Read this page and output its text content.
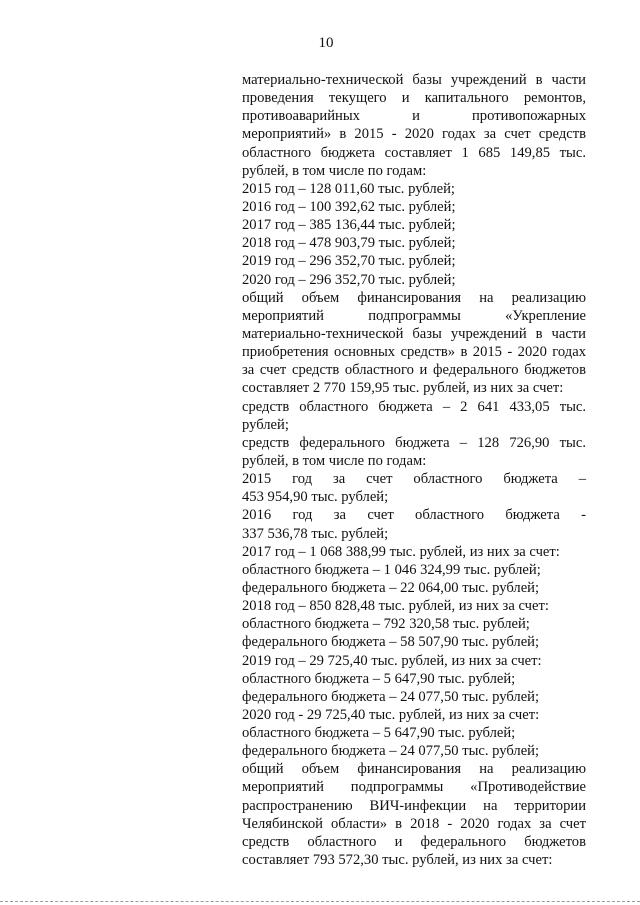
10
материально-технической базы учреждений в части
проведения текущего и капитального ремонтов,
противоаварийных и противопожарных
мероприятий» в 2015 - 2020 годах за счет средств
областного бюджета составляет 1 685 149,85 тыс.
рублей, в том числе по годам:
2015 год – 128 011,60 тыс. рублей;
2016 год – 100 392,62 тыс. рублей;
2017 год – 385 136,44 тыс. рублей;
2018 год – 478 903,79 тыс. рублей;
2019 год – 296 352,70 тыс. рублей;
2020 год – 296 352,70 тыс. рублей;
общий объем финансирования на реализацию
мероприятий подпрограммы «Укрепление
материально-технической базы учреждений в части
приобретения основных средств» в 2015 - 2020 годах
за счет средств областного и федерального бюджетов
составляет 2 770 159,95 тыс. рублей, из них за счет:
средств областного бюджета – 2 641 433,05 тыс.
рублей;
средств федерального бюджета – 128 726,90 тыс.
рублей, в том числе по годам:
2015 год за счет областного бюджета –
453 954,90 тыс. рублей;
2016 год за счет областного бюджета -
337 536,78 тыс. рублей;
2017 год – 1 068 388,99 тыс. рублей, из них за счет:
областного бюджета – 1 046 324,99 тыс. рублей;
федерального бюджета – 22 064,00 тыс. рублей;
2018 год – 850 828,48 тыс. рублей, из них за счет:
областного бюджета – 792 320,58 тыс. рублей;
федерального бюджета – 58 507,90 тыс. рублей;
2019 год – 29 725,40 тыс. рублей, из них за счет:
областного бюджета – 5 647,90 тыс. рублей;
федерального бюджета – 24 077,50 тыс. рублей;
2020 год - 29 725,40 тыс. рублей, из них за счет:
областного бюджета – 5 647,90 тыс. рублей;
федерального бюджета – 24 077,50 тыс. рублей;
общий объем финансирования на реализацию
мероприятий подпрограммы «Противодействие
распространению ВИЧ-инфекции на территории
Челябинской области» в 2018 - 2020 годах за счет
средств областного и федерального бюджетов
составляет 793 572,30 тыс. рублей, из них за счет:
